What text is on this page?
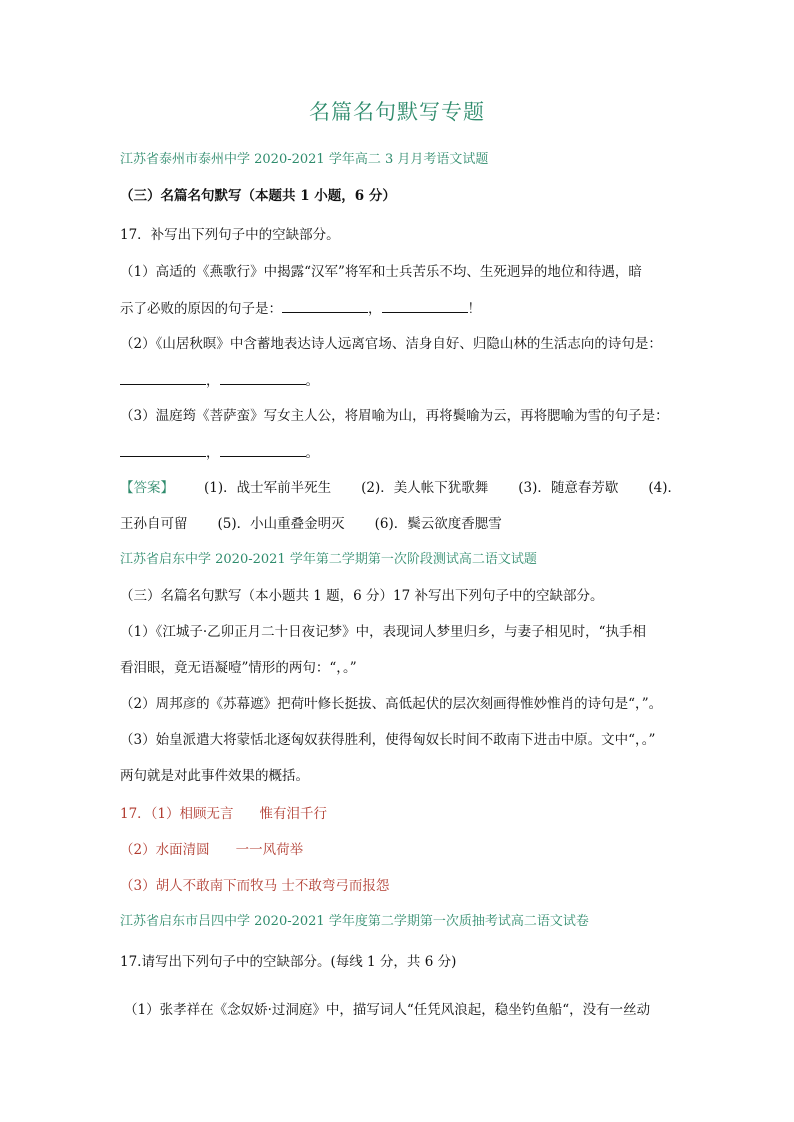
名篇名句默写专题
江苏省泰州市泰州中学 2020-2021 学年高二 3 月月考语文试题
（三）名篇名句默写（本题共 1 小题，6 分）
17．补写出下列句子中的空缺部分。
（1）高适的《燕歌行》中揭露“汉军”将军和士兵苦乐不均、生死迥异的地位和待遇，暗
示了必败的原因的句子是：	，	！
（2）《山居秋暝》中含蓄地表达诗人远离官场、洁身自好、归隐山林的生活志向的诗句是：
，	。
（3）温庭筠《菩萨蛮》写女主人公，将眉喻为山，再将鬓喻为云，再将腮喻为雪的句子是：
，	。
【答案】 (1)．战士军前半死生 (2)．美人帐下犹歌舞 (3)．随意春芳歇 (4)．
王孙自可留 (5)．小山重叠金明灭 (6)．鬓云欲度香腮雪
江苏省启东中学 2020-2021 学年第二学期第一次阶段测试高二语文试题
（三）名篇名句默写（本小题共 1 题，6 分）17 补写出下列句子中的空缺部分。
（1）《江城子·乙卯正月二十日夜记梦》中，表现词人梦里归乡，与妻子相见时，“执手相
看泪眼，竟无语凝噎”情形的两句：“，。”
（2）周邦彦的《苏幕遮》把荷叶修长挺拔、高低起伏的层次刻画得惟妙惟肖的诗句是“，”。
（3）始皇派遣大将蒙恬北逐匈奴获得胜利，使得匈奴长时间不敢南下进击中原。文中“，。”
两句就是对此事件效果的概括。
17．（1）相顾无言 惟有泪千行
（2）水面清圆 一一风荷举
（3）胡人不敢南下而牧马 士不敢弯弓而报怨
江苏省启东市吕四中学 2020-2021 学年度第二学期第一次质抽考试高二语文试卷
17.请写出下列句子中的空缺部分。(每线 1 分，共 6 分)
（1）张孝祥在《念奴娇·过洞庭》中，描写词人“任凭风浪起，稳坐钓鱼船“，没有一丝动
